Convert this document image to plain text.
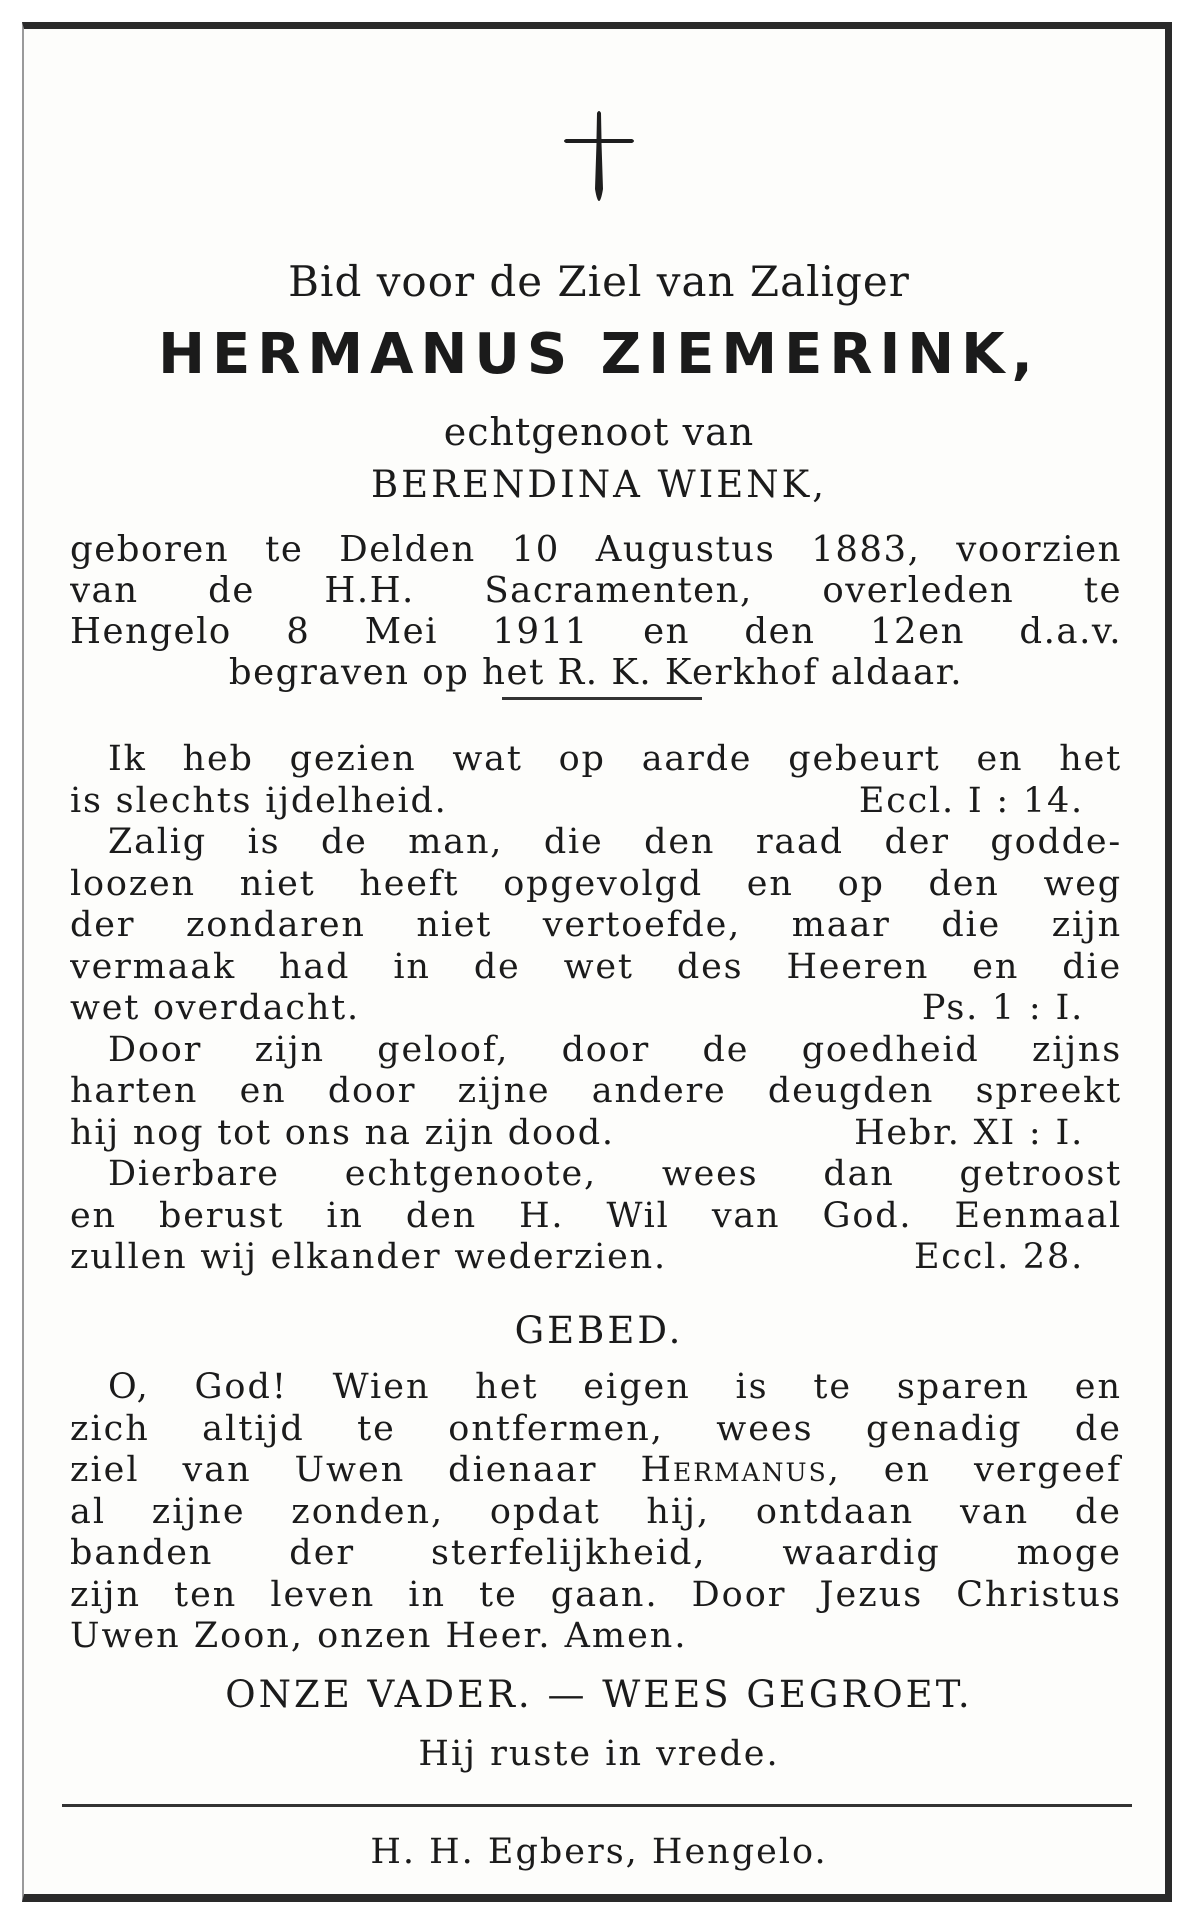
Bid voor de Ziel van Zaliger
HERMANUS ZIEMERINK,
echtgenoot van
BERENDINA WIENK,
geboren te Delden 10 Augustus 1883, voorzien
van de H.H. Sacramenten, overleden te
Hengelo 8 Mei 1911 en den 12en d.a.v.
begraven op het R. K. Kerkhof aldaar.
Ik heb gezien wat op aarde gebeurt en het
is slechts ijdelheid.	Eccl. I : 14.
Zalig is de man, die den raad der godde-
loozen niet heeft opgevolgd en op den weg
der zondaren niet vertoefde, maar die zijn
vermaak had in de wet des Heeren en die
wet overdacht.	Ps. 1 : I.
Door zijn geloof, door de goedheid zijns
harten en door zijne andere deugden spreekt
hij nog tot ons na zijn dood.	Hebr. XI : I.
Dierbare echtgenoote, wees dan getroost
en berust in den H. Wil van God. Eenmaal
zullen wij elkander wederzien.	Eccl. 28.
GEBED.
O, God! Wien het eigen is te sparen en
zich altijd te ontfermen, wees genadig de
ziel van Uwen dienaar Hermanus, en vergeef
al zijne zonden, opdat hij, ontdaan van de
banden der sterfelijkheid, waardig moge
zijn ten leven in te gaan. Door Jezus Christus
Uwen Zoon, onzen Heer. Amen.
ONZE VADER. — WEES GEGROET.
Hij ruste in vrede.
H. H. Egbers, Hengelo.
